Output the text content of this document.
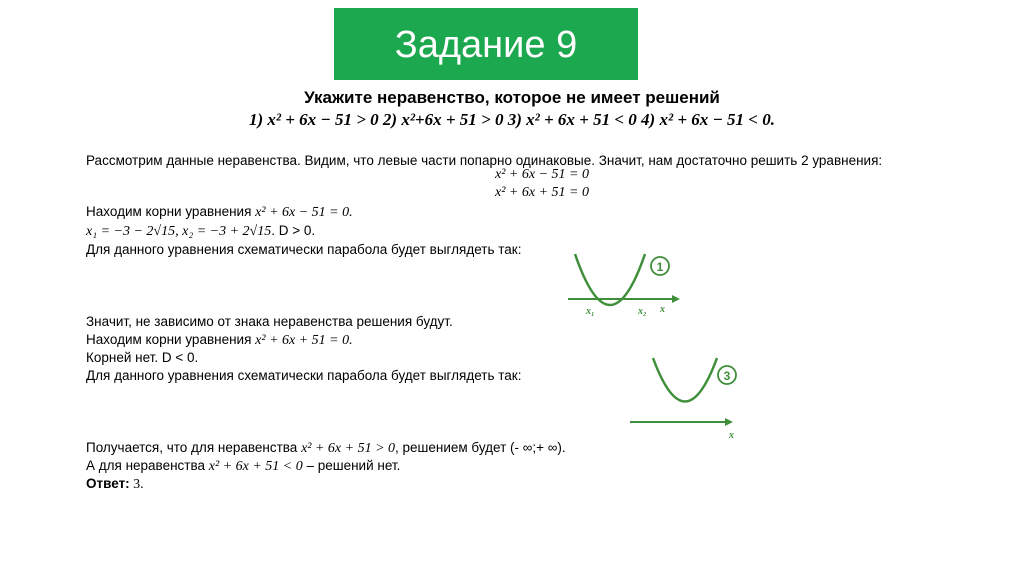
Задание 9
Укажите неравенство, которое не имеет решений
1) x² + 6x − 51 > 0 2) x²+6x + 51 > 0 3) x² + 6x + 51 < 0 4) x² + 6x − 51 < 0.
Рассмотрим данные неравенства. Видим, что левые части попарно одинаковые. Значит, нам достаточно решить 2 уравнения:
x² + 6x − 51 = 0
x² + 6x + 51 = 0
Находим корни уравнения x² + 6x − 51 = 0.
x₁ = −3 − 2√15, x₂ = −3 + 2√15. D > 0.
Для данного уравнения схематически парабола будет выглядеть так:
1
x₁	x₂ x
Значит, не зависимо от знака неравенства решения будут.
Находим корни уравнения x² + 6x + 51 = 0.
Корней нет. D < 0.
Для данного уравнения схематически парабола будет выглядеть так:	3
x
Получается, что для неравенства x² + 6x + 51 > 0, решением будет (- ∞;+ ∞).
А для неравенства x² + 6x + 51 < 0 – решений нет.
Ответ: 3.
